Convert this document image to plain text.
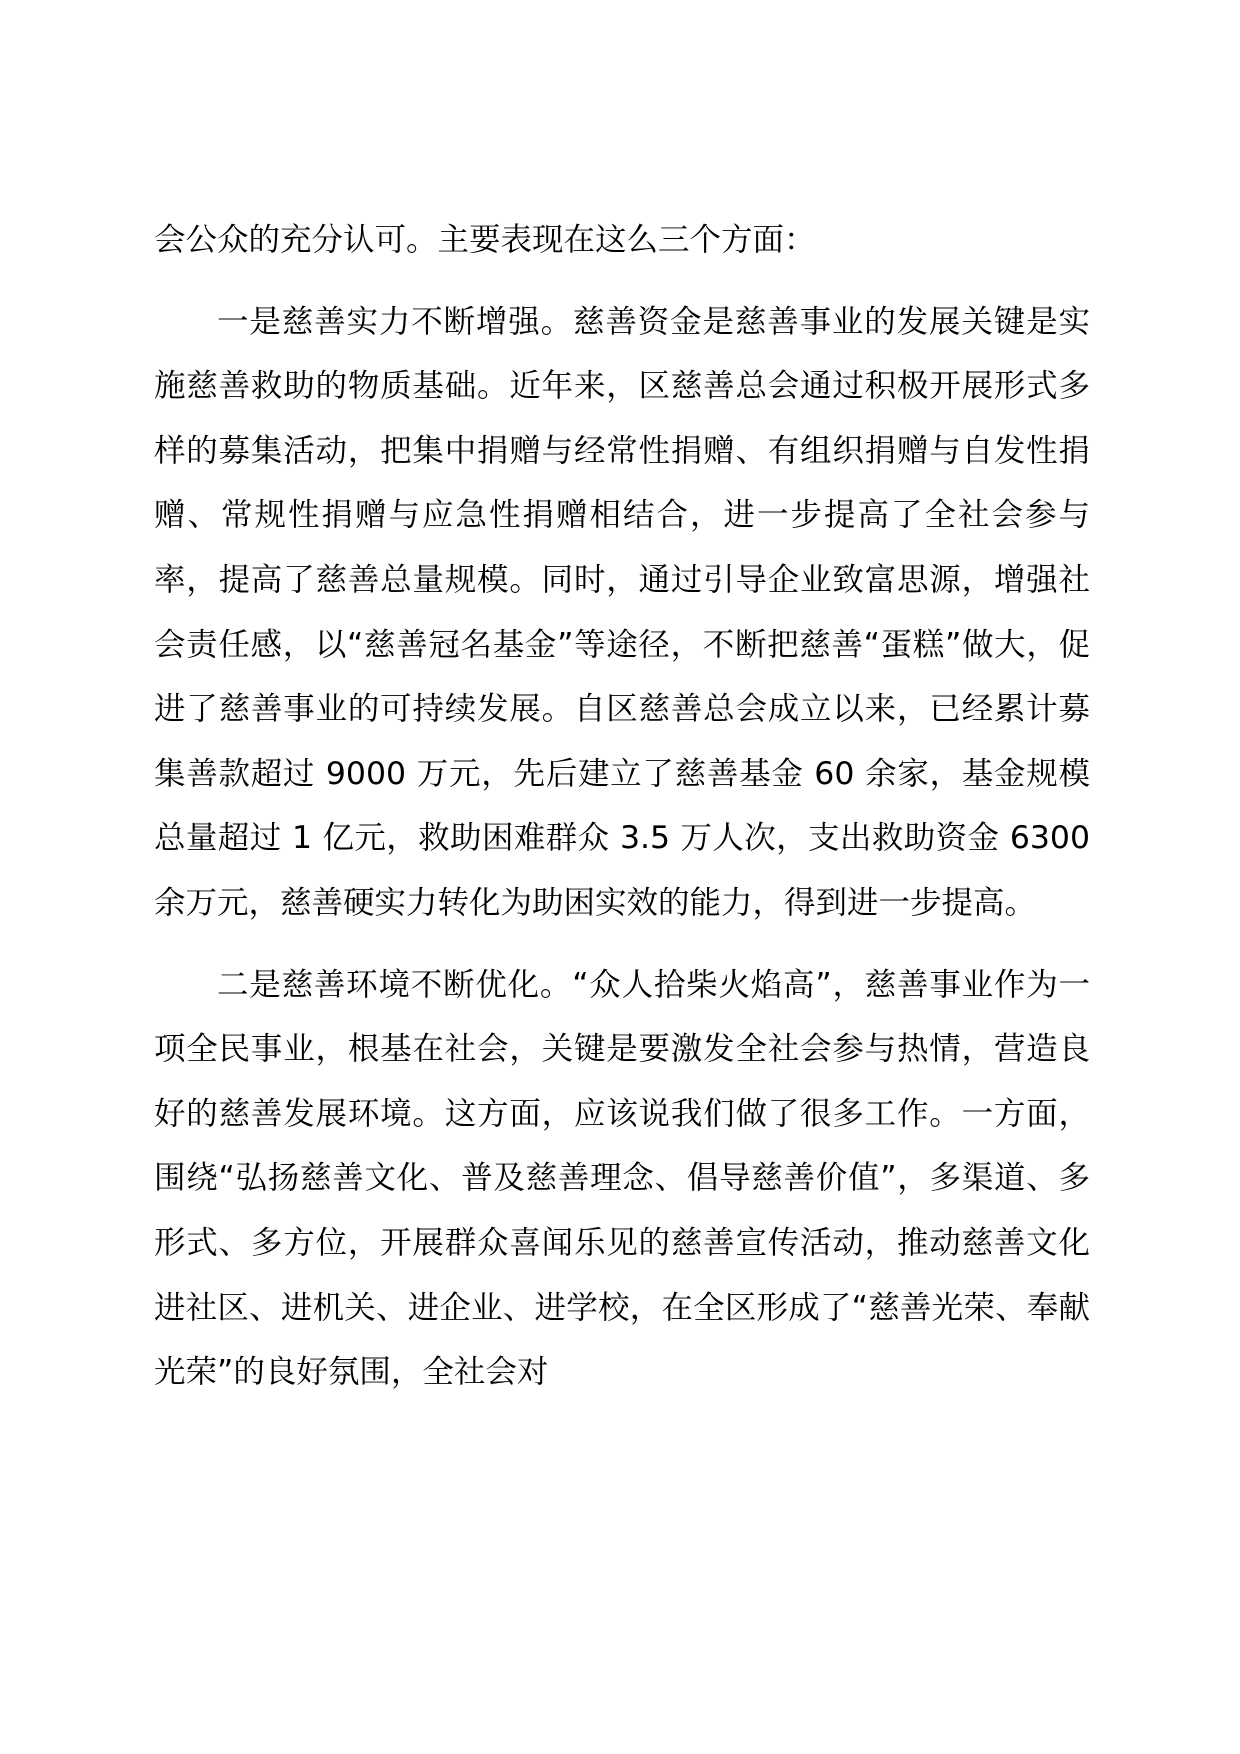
会公众的充分认可。主要表现在这么三个方面：

一是慈善实力不断增强。慈善资金是慈善事业的发展关键是实施慈善救助的物质基础。近年来，区慈善总会通过积极开展形式多样的募集活动，把集中捐赠与经常性捐赠、有组织捐赠与自发性捐赠、常规性捐赠与应急性捐赠相结合，进一步提高了全社会参与率，提高了慈善总量规模。同时，通过引导企业致富思源，增强社会责任感，以“慈善冠名基金”等途径，不断把慈善“蛋糕”做大，促进了慈善事业的可持续发展。自区慈善总会成立以来，已经累计募集善款超过 9000 万元，先后建立了慈善基金 60 余家，基金规模总量超过 1 亿元，救助困难群众 3.5 万人次，支出救助资金 6300 余万元，慈善硬实力转化为助困实效的能力，得到进一步提高。

二是慈善环境不断优化。“众人拾柴火焰高”，慈善事业作为一项全民事业，根基在社会，关键是要激发全社会参与热情，营造良好的慈善发展环境。这方面，应该说我们做了很多工作。一方面，围绕“弘扬慈善文化、普及慈善理念、倡导慈善价值”，多渠道、多形式、多方位，开展群众喜闻乐见的慈善宣传活动，推动慈善文化进社区、进机关、进企业、进学校，在全区形成了“慈善光荣、奉献光荣”的良好氛围，全社会对
